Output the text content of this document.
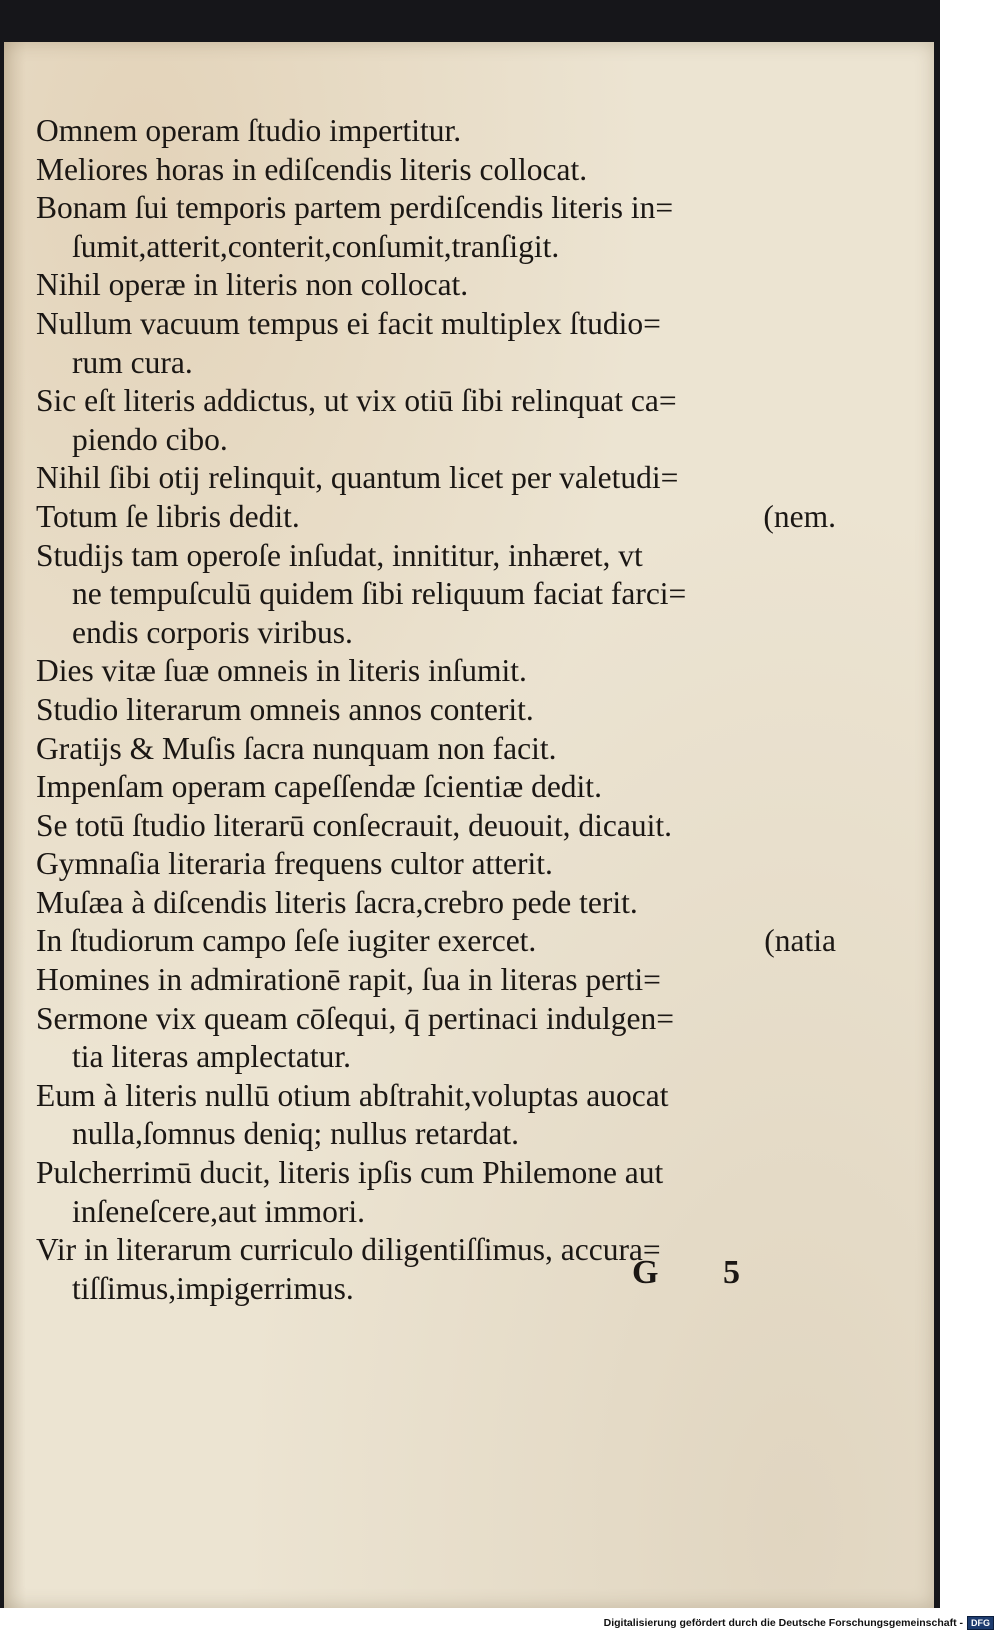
Omnem operam ſtudio impertitur.
Meliores horas in ediſcendis literis collocat.
Bonam ſui temporis partem perdiſcendis literis in=
ſumit,atterit,conterit,conſumit,tranſigit.
Nihil operæ in literis non collocat.
Nullum vacuum tempus ei facit multiplex ſtudio=
rum cura.
Sic eſt literis addictus, ut vix otiū ſibi relinquat ca=
piendo cibo.
Nihil ſibi otij relinquit, quantum licet per valetudi=
Totum ſe libris dedit.	(nem.
Studijs tam operoſe inſudat, innititur, inhæret, vt
ne tempuſculū quidem ſibi reliquum faciat farci=
endis corporis viribus.
Dies vitæ ſuæ omneis in literis inſumit.
Studio literarum omneis annos conterit.
Gratijs & Muſis ſacra nunquam non facit.
Impenſam operam capeſſendæ ſcientiæ dedit.
Se totū ſtudio literarū conſecrauit, deuouit, dicauit.
Gymnaſia literaria frequens cultor atterit.
Muſæa à diſcendis literis ſacra,crebro pede terit.
In ſtudiorum campo ſeſe iugiter exercet.	(natia
Homines in admirationē rapit, ſua in literas perti=
Sermone vix queam cōſequi, q̄ pertinaci indulgen=
tia literas amplectatur.
Eum à literis nullū otium abſtrahit,voluptas auocat
nulla,ſomnus deniq; nullus retardat.
Pulcherrimū ducit, literis ipſis cum Philemone aut
inſeneſcere,aut immori.
Vir in literarum curriculo diligentiſſimus, accura=
tiſſimus,impigerrimus.	G 5
Digitalisierung gefördert durch die Deutsche Forschungsgemeinschaft - DFG
